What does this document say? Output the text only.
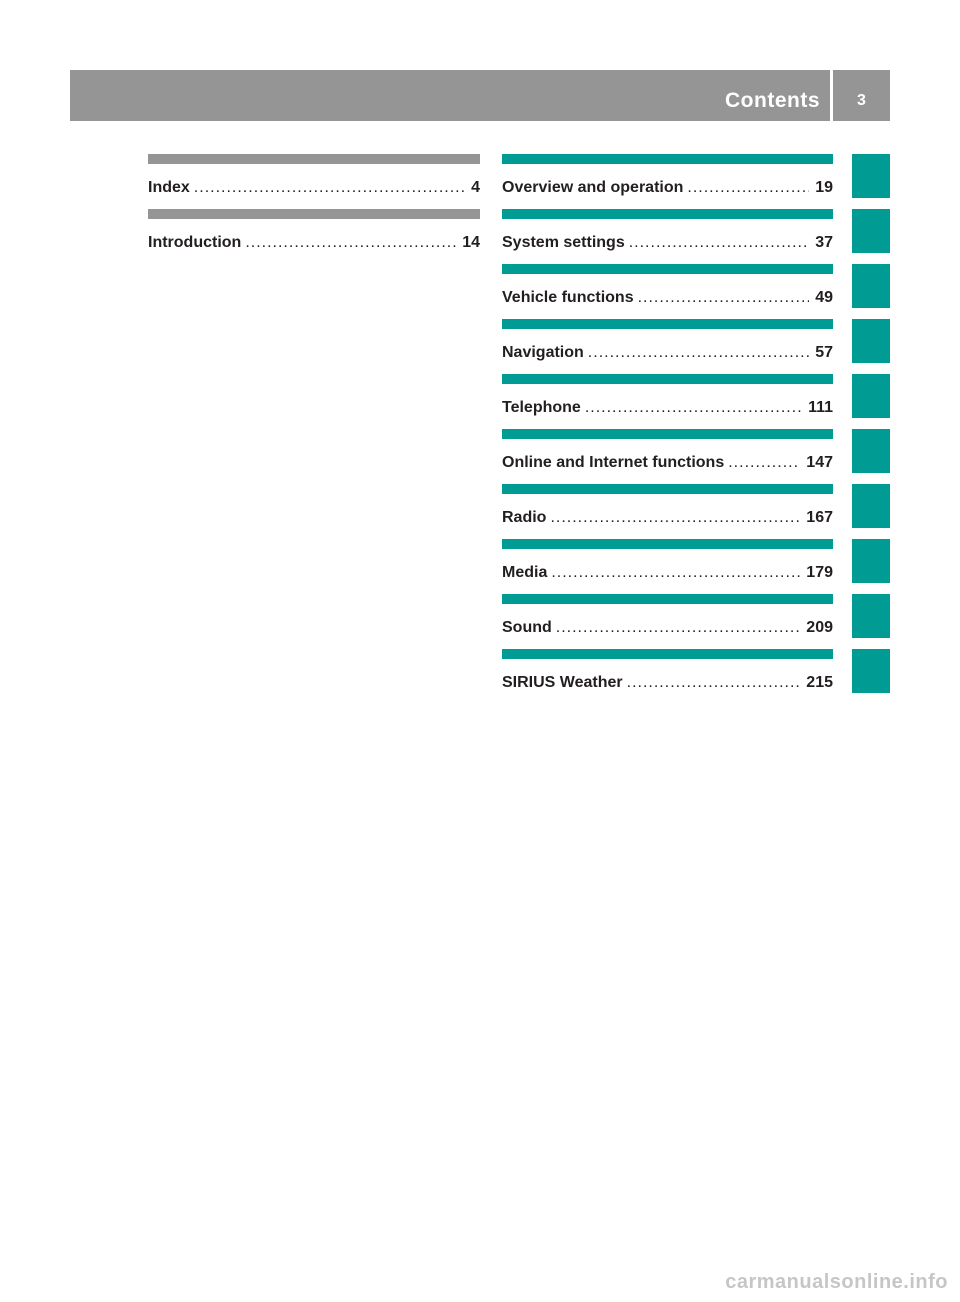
Contents	3
Index .....	4
Introduction .....	14
Overview and operation .....	19
System settings .....	37
Vehicle functions .....	49
Navigation .....	57
Telephone .....	111
Online and Internet functions .....	147
Radio .....	167
Media .....	179
Sound .....	209
SIRIUS Weather .....	215
carmanualsonline.info
